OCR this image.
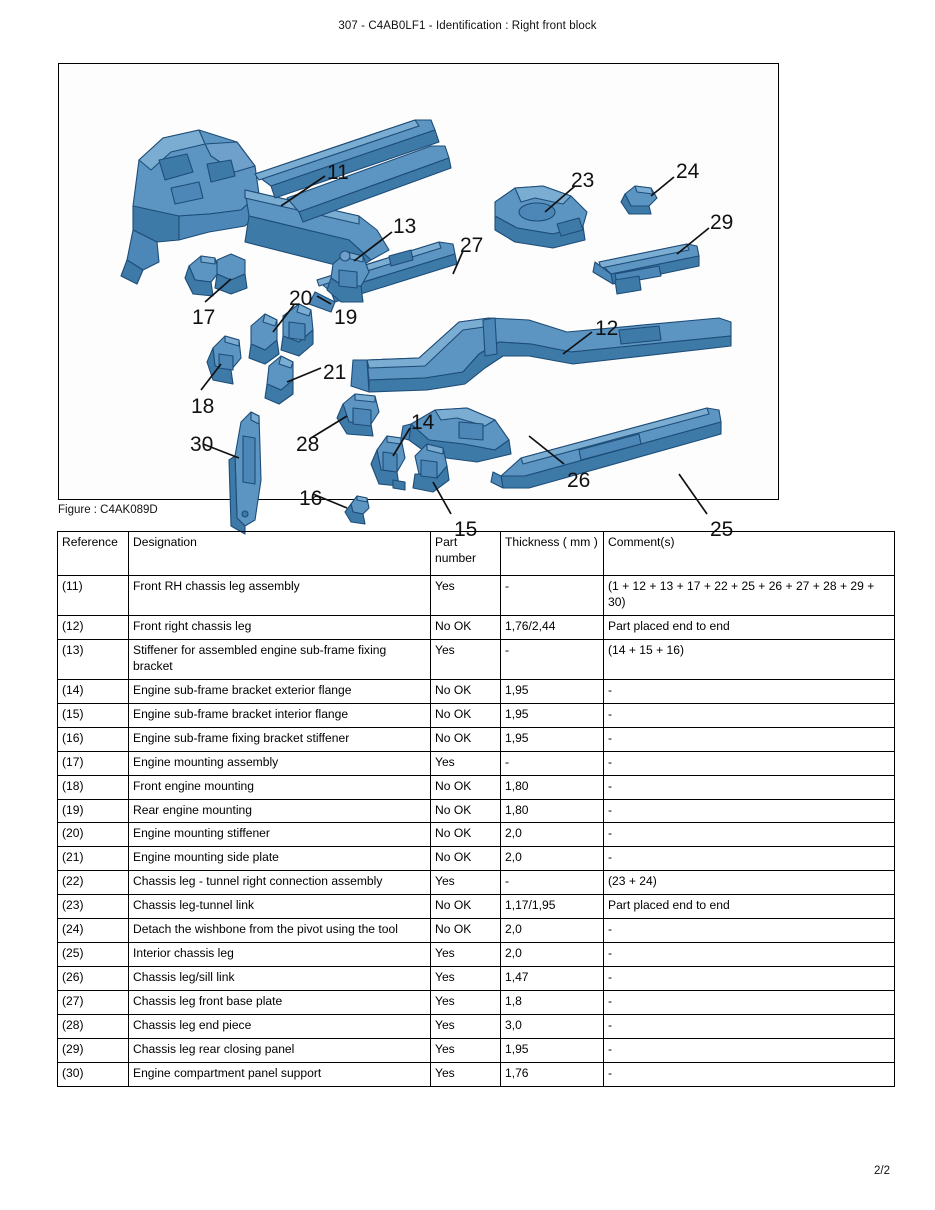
307 - C4AB0LF1 - Identification : Right front block
11	23	24
13	29
27
20
19
17	12
21
18
14
30	28
26
16
15	25
Figure : C4AK089D
Reference	Designation	Part number	Thickness ( mm )	Comment(s)
(11)	Front RH chassis leg assembly	Yes	-	(1 + 12 + 13 + 17 + 22 + 25 + 26 + 27 + 28 + 29 + 30)
(12)	Front right chassis leg	No OK	1,76/2,44	Part placed end to end
(13)	Stiffener for assembled engine sub-frame fixing bracket	Yes	-	(14 + 15 + 16)
(14)	Engine sub-frame bracket exterior flange	No OK	1,95	-
(15)	Engine sub-frame bracket interior flange	No OK	1,95	-
(16)	Engine sub-frame fixing bracket stiffener	No OK	1,95	-
(17)	Engine mounting assembly	Yes	-	-
(18)	Front engine mounting	No OK	1,80	-
(19)	Rear engine mounting	No OK	1,80	-
(20)	Engine mounting stiffener	No OK	2,0	-
(21)	Engine mounting side plate	No OK	2,0	-
(22)	Chassis leg - tunnel right connection assembly	Yes	-	(23 + 24)
(23)	Chassis leg-tunnel link	No OK	1,17/1,95	Part placed end to end
(24)	Detach the wishbone from the pivot using the tool	No OK	2,0	-
(25)	Interior chassis leg	Yes	2,0	-
(26)	Chassis leg/sill link	Yes	1,47	-
(27)	Chassis leg front base plate	Yes	1,8	-
(28)	Chassis leg end piece	Yes	3,0	-
(29)	Chassis leg rear closing panel	Yes	1,95	-
(30)	Engine compartment panel support	Yes	1,76	-
2/2
